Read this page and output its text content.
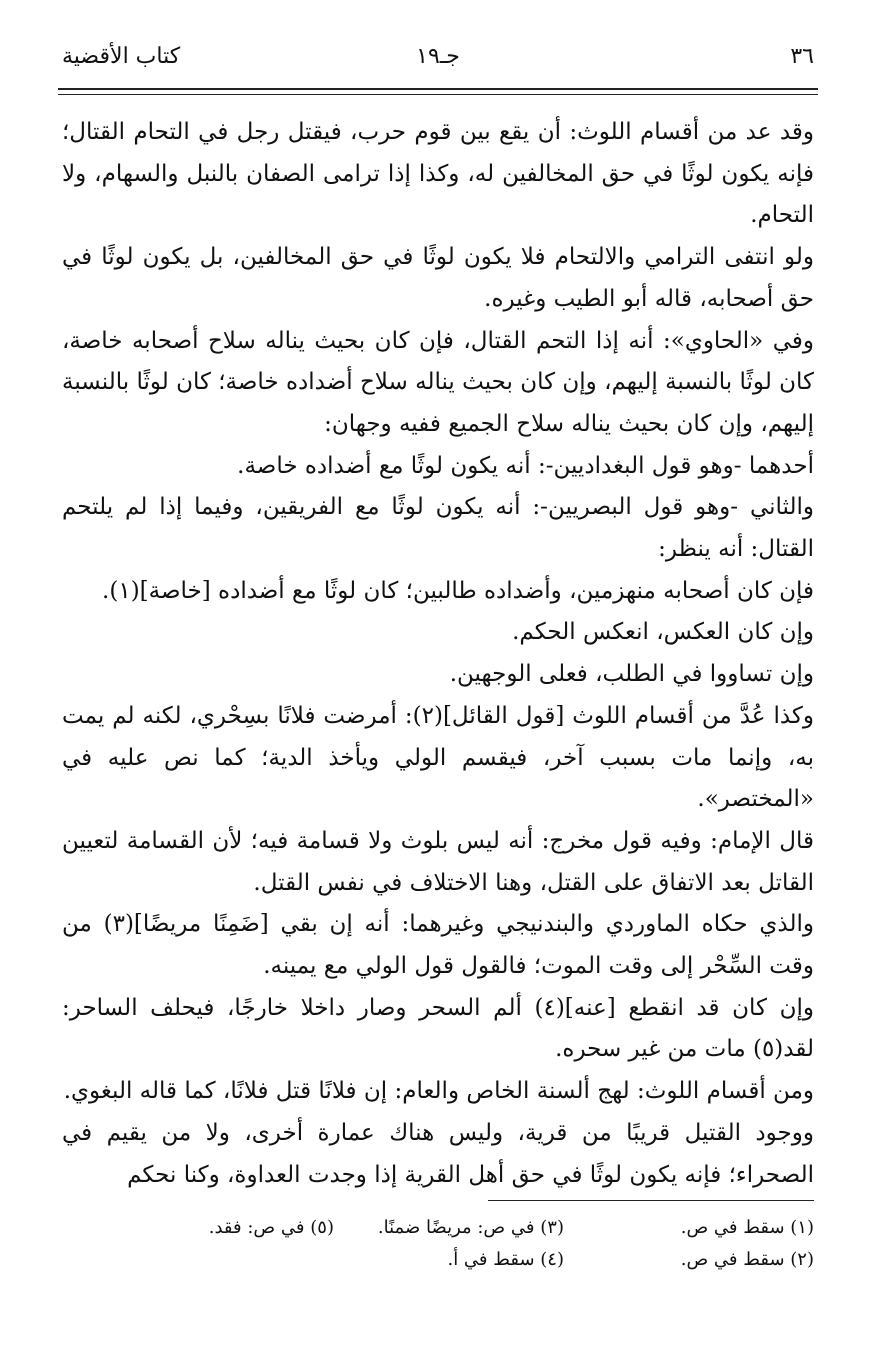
٣٦
جـ١٩
كتاب الأقضية

وقد عد من أقسام اللوث: أن يقع بين قوم حرب، فيقتل رجل في التحام القتال؛ فإنه يكون لوثًا في حق المخالفين له، وكذا إذا ترامى الصفان بالنبل والسهام، ولا التحام.

ولو انتفى الترامي والالتحام فلا يكون لوثًا في حق المخالفين، بل يكون لوثًا في حق أصحابه، قاله أبو الطيب وغيره.

وفي «الحاوي»: أنه إذا التحم القتال، فإن كان بحيث يناله سلاح أصحابه خاصة، كان لوثًا بالنسبة إليهم، وإن كان بحيث يناله سلاح أضداده خاصة؛ كان لوثًا بالنسبة إليهم، وإن كان بحيث يناله سلاح الجميع ففيه وجهان:

أحدهما -وهو قول البغداديين-: أنه يكون لوثًا مع أضداده خاصة.

والثاني -وهو قول البصريين-: أنه يكون لوثًا مع الفريقين، وفيما إذا لم يلتحم القتال: أنه ينظر:

فإن كان أصحابه منهزمين، وأضداده طالبين؛ كان لوثًا مع أضداده [خاصة](١).

وإن كان العكس، انعكس الحكم.

وإن تساووا في الطلب، فعلى الوجهين.

وكذا عُدَّ من أقسام اللوث [قول القائل](٢): أمرضت فلانًا بسِحْري، لكنه لم يمت به، وإنما مات بسبب آخر، فيقسم الولي ويأخذ الدية؛ كما نص عليه في «المختصر».

قال الإمام: وفيه قول مخرج: أنه ليس بلوث ولا قسامة فيه؛ لأن القسامة لتعيين القاتل بعد الاتفاق على القتل، وهنا الاختلاف في نفس القتل.

والذي حكاه الماوردي والبندنيجي وغيرهما: أنه إن بقي [ضَمِنًا مريضًا](٣) من وقت السِّحْر إلى وقت الموت؛ فالقول قول الولي مع يمينه.

وإن كان قد انقطع [عنه](٤) ألم السحر وصار داخلا خارجًا، فيحلف الساحر: لقد(٥) مات من غير سحره.

ومن أقسام اللوث: لهج ألسنة الخاص والعام: إن فلانًا قتل فلانًا، كما قاله البغوي.

ووجود القتيل قريبًا من قرية، وليس هناك عمارة أخرى، ولا من يقيم في الصحراء؛ فإنه يكون لوثًا في حق أهل القرية إذا وجدت العداوة، وكنا نحكم

(١) سقط في ص.
(٣) في ص: مريضًا ضمنًا.
(٥) في ص: فقد.
(٢) سقط في ص.
(٤) سقط في أ.
